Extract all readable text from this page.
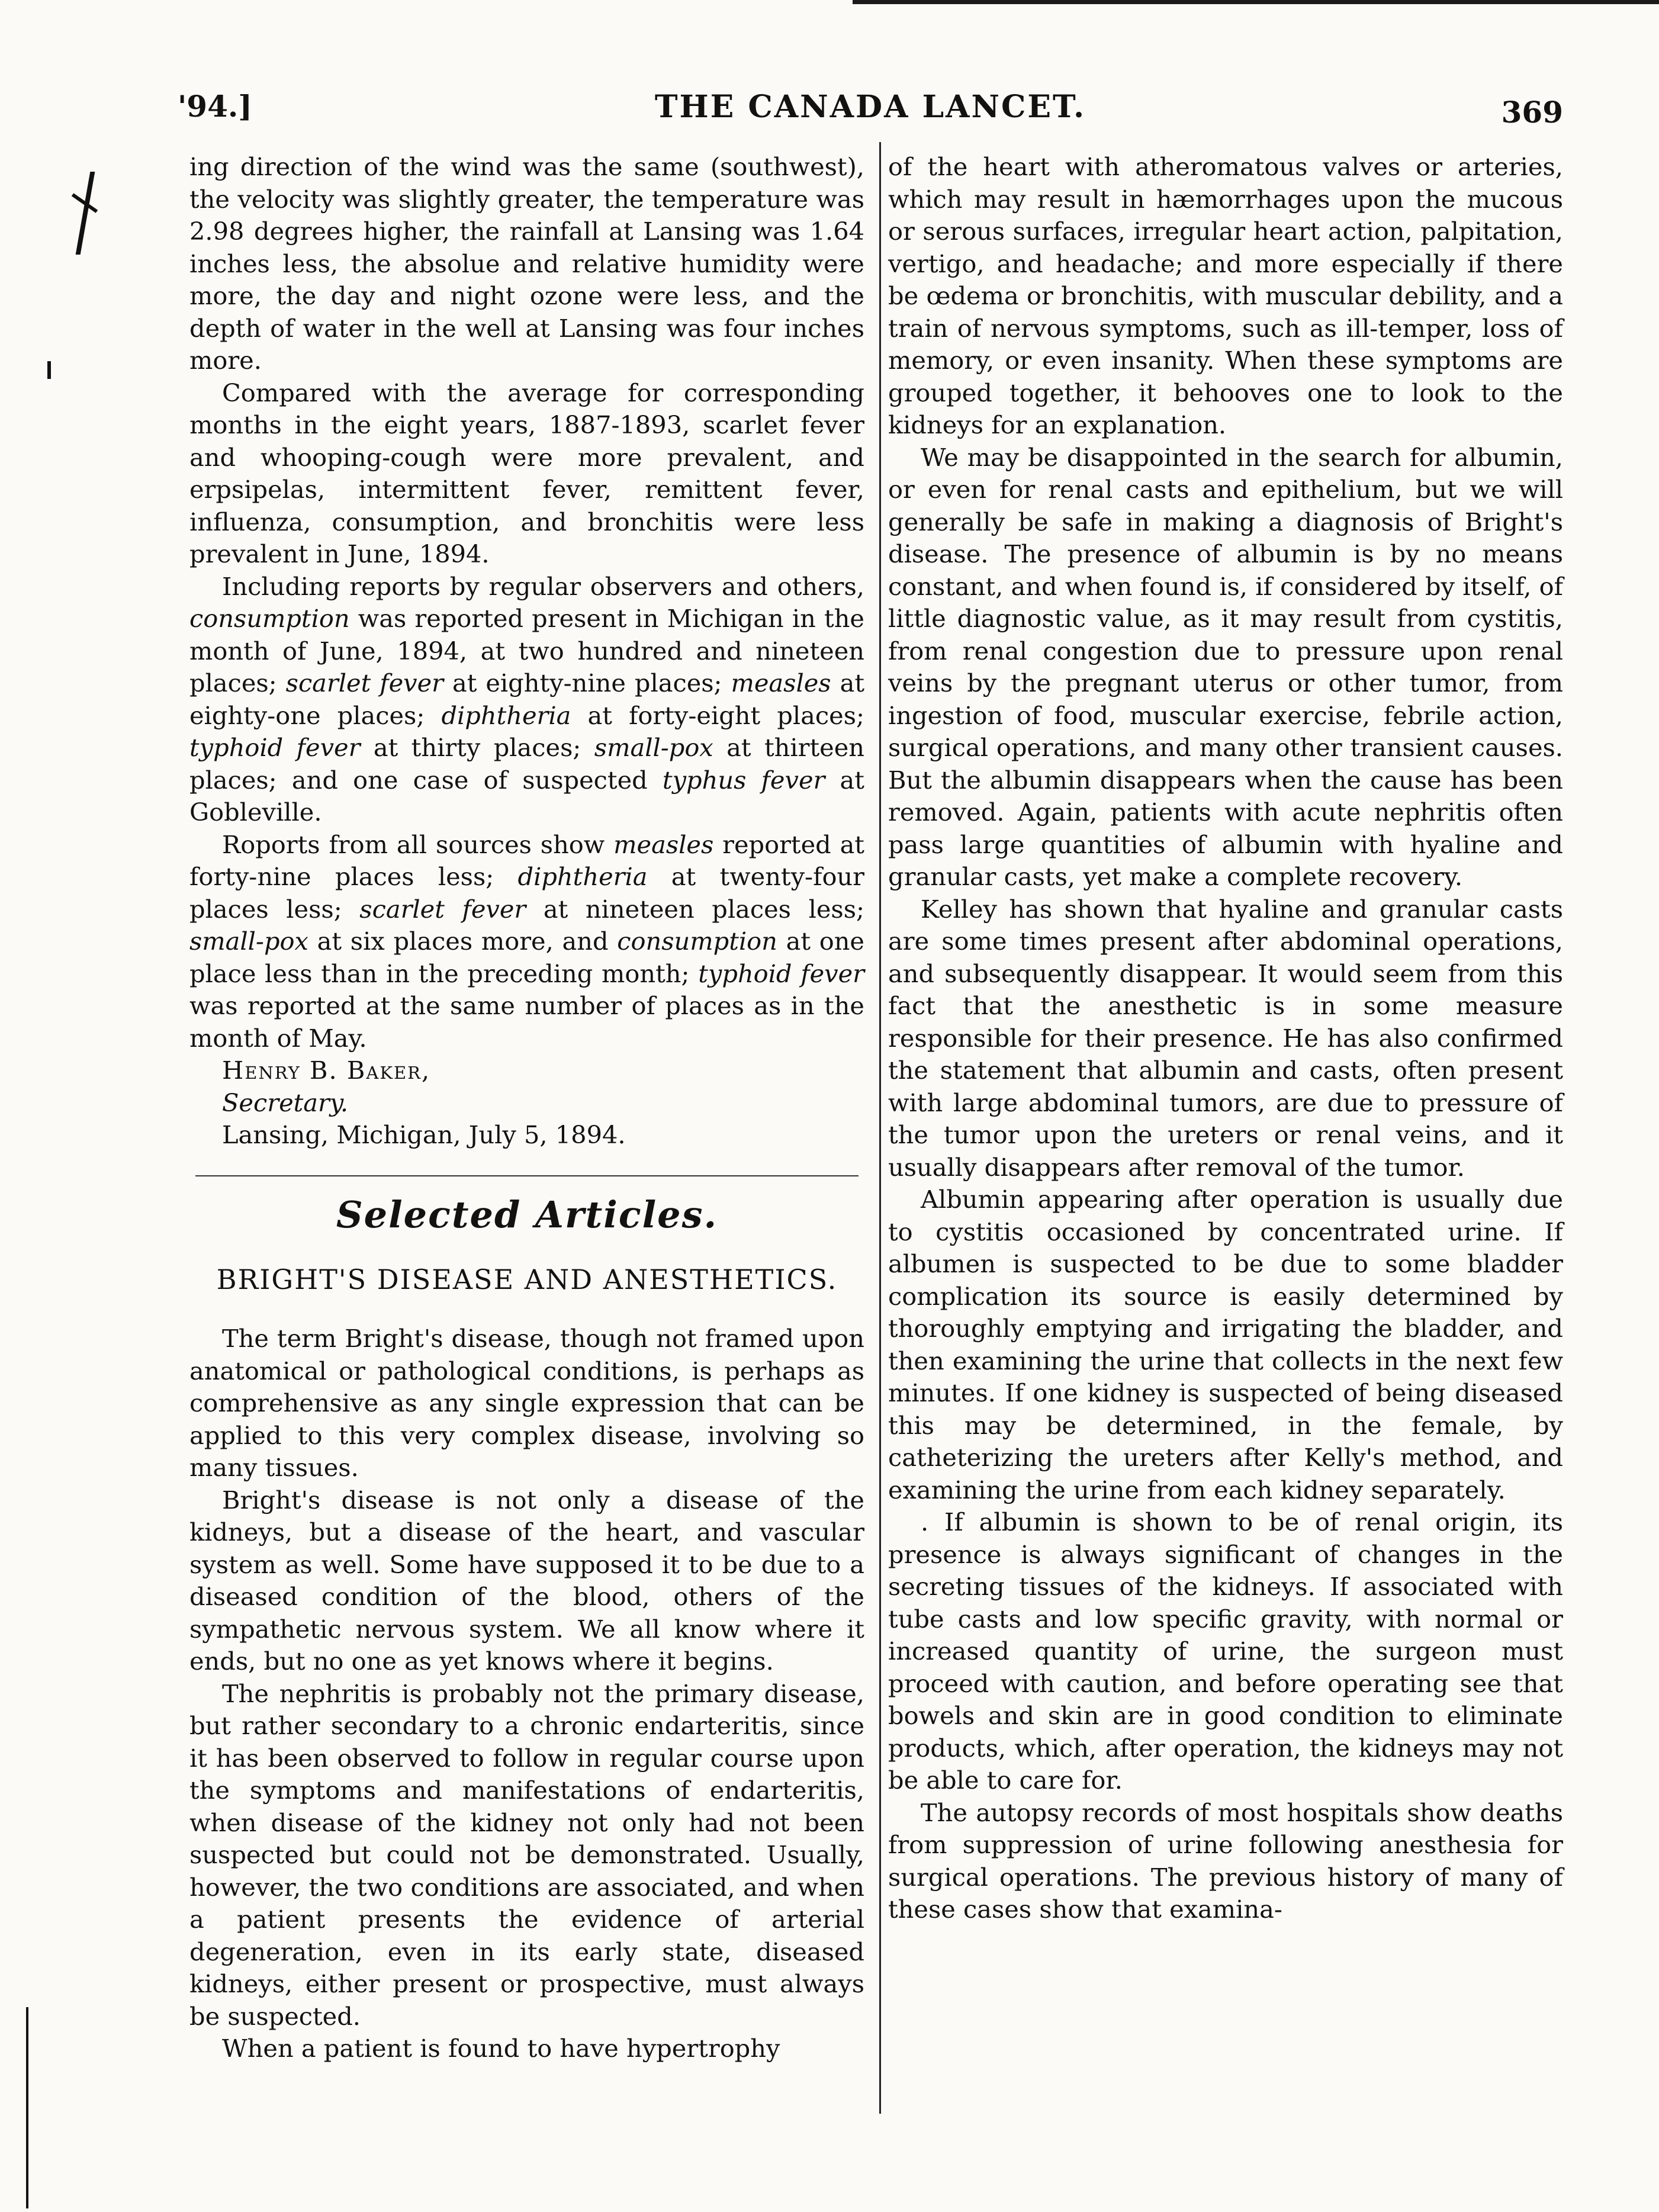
'94.]	THE CANADA LANCET.	369

ing direction of the wind was the same (southwest), the velocity was slightly greater, the temperature was 2.98 degrees higher, the rainfall at Lansing was 1.64 inches less, the absolue and relative humidity were more, the day and night ozone were less, and the depth of water in the well at Lansing was four inches more.

Compared with the average for corresponding months in the eight years, 1887-1893, scarlet fever and whooping-cough were more prevalent, and erpsipelas, intermittent fever, remittent fever, influenza, consumption, and bronchitis were less prevalent in June, 1894.

Including reports by regular observers and others, consumption was reported present in Michigan in the month of June, 1894, at two hundred and nineteen places; scarlet fever at eighty-nine places; measles at eighty-one places; diphtheria at forty-eight places; typhoid fever at thirty places; small-pox at thirteen places; and one case of suspected typhus fever at Gobleville.

Roports from all sources show measles reported at forty-nine places less; diphtheria at twenty-four places less; scarlet fever at nineteen places less; small-pox at six places more, and consumption at one place less than in the preceding month; typhoid fever was reported at the same number of places as in the month of May.

Henry B. Baker,

Secretary.

Lansing, Michigan, July 5, 1894.

Selected Articles.
BRIGHT'S DISEASE AND ANESTHETICS.

The term Bright's disease, though not framed upon anatomical or pathological conditions, is perhaps as comprehensive as any single expression that can be applied to this very complex disease, involving so many tissues.

Bright's disease is not only a disease of the kidneys, but a disease of the heart, and vascular system as well. Some have supposed it to be due to a diseased condition of the blood, others of the sympathetic nervous system. We all know where it ends, but no one as yet knows where it begins.

The nephritis is probably not the primary disease, but rather secondary to a chronic endarteritis, since it has been observed to follow in regular course upon the symptoms and manifestations of endarteritis, when disease of the kidney not only had not been suspected but could not be demonstrated. Usually, however, the two conditions are associated, and when a patient presents the evidence of arterial degeneration, even in its early state, diseased kidneys, either present or prospective, must always be suspected.

When a patient is found to have hypertrophy

of the heart with atheromatous valves or arteries, which may result in hæmorrhages upon the mucous or serous surfaces, irregular heart action, palpitation, vertigo, and headache; and more especially if there be œdema or bronchitis, with muscular debility, and a train of nervous symptoms, such as ill-temper, loss of memory, or even insanity. When these symptoms are grouped together, it behooves one to look to the kidneys for an explanation.

We may be disappointed in the search for albumin, or even for renal casts and epithelium, but we will generally be safe in making a diagnosis of Bright's disease. The presence of albumin is by no means constant, and when found is, if considered by itself, of little diagnostic value, as it may result from cystitis, from renal congestion due to pressure upon renal veins by the pregnant uterus or other tumor, from ingestion of food, muscular exercise, febrile action, surgical operations, and many other transient causes. But the albumin disappears when the cause has been removed. Again, patients with acute nephritis often pass large quantities of albumin with hyaline and granular casts, yet make a complete recovery.

Kelley has shown that hyaline and granular casts are some times present after abdominal operations, and subsequently disappear. It would seem from this fact that the anesthetic is in some measure responsible for their presence. He has also confirmed the statement that albumin and casts, often present with large abdominal tumors, are due to pressure of the tumor upon the ureters or renal veins, and it usually disappears after removal of the tumor.

Albumin appearing after operation is usually due to cystitis occasioned by concentrated urine. If albumen is suspected to be due to some bladder complication its source is easily determined by thoroughly emptying and irrigating the bladder, and then examining the urine that collects in the next few minutes. If one kidney is suspected of being diseased this may be determined, in the female, by catheterizing the ureters after Kelly's method, and examining the urine from each kidney separately.

. If albumin is shown to be of renal origin, its presence is always significant of changes in the secreting tissues of the kidneys. If associated with tube casts and low specific gravity, with normal or increased quantity of urine, the surgeon must proceed with caution, and before operating see that bowels and skin are in good condition to eliminate products, which, after operation, the kidneys may not be able to care for.

The autopsy records of most hospitals show deaths from suppression of urine following anesthesia for surgical operations. The previous history of many of these cases show that examina-
